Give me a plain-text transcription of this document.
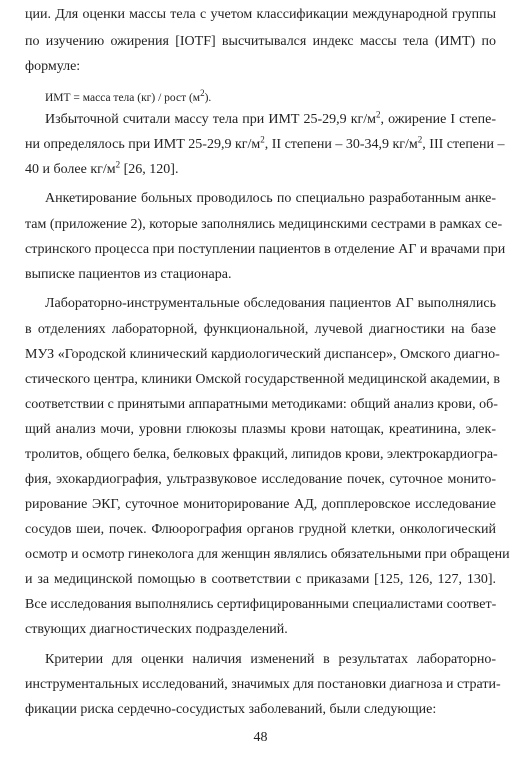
ции. Для оценки массы тела с учетом классификации международной группы
по изучению ожирения [IOTF] высчитывался индекс массы тела (ИМТ) по
формуле:
ИМТ = масса тела (кг) / рост $(м^2)$.
Избыточной считали массу тела при ИМТ 25-29,9 $кг/м^2$, ожирение I степе-
ни определялось при ИМТ 25-29,9 $кг/м^2$, II степени – 30-34,9 $кг/м^2$, III степени –
40 и более $кг/м^2$ [26, 120].
Анкетирование больных проводилось по специально разработанным анке-
там (приложение 2), которые заполнялись медицинскими сестрами в рамках се-
стринского процесса при поступлении пациентов в отделение АГ и врачами при
выписке пациентов из стационара.
Лабораторно-инструментальные обследования пациентов АГ выполнялись
в отделениях лабораторной, функциональной, лучевой диагностики на базе
МУЗ «Городской клинический кардиологический диспансер», Омского диагно-
стического центра, клиники Омской государственной медицинской академии, в
соответствии с принятыми аппаратными методиками: общий анализ крови, об-
щий анализ мочи, уровни глюкозы плазмы крови натощак, креатинина, элек-
тролитов, общего белка, белковых фракций, липидов крови, электрокардиогра-
фия, эхокардиография, ультразвуковое исследование почек, суточное монито-
рирование ЭКГ, суточное мониторирование АД, допплеровское исследование
сосудов шеи, почек. Флюорография органов грудной клетки, онкологический
осмотр и осмотр гинеколога для женщин являлись обязательными при обращени
и за медицинской помощью в соответствии с приказами [125, 126, 127, 130].
Все исследования выполнялись сертифицированными специалистами соответ-
ствующих диагностических подразделений.
Критерии для оценки наличия изменений в результатах лабораторно-
инструментальных исследований, значимых для постановки диагноза и страти-
фикации риска сердечно-сосудистых заболеваний, были следующие:
48
